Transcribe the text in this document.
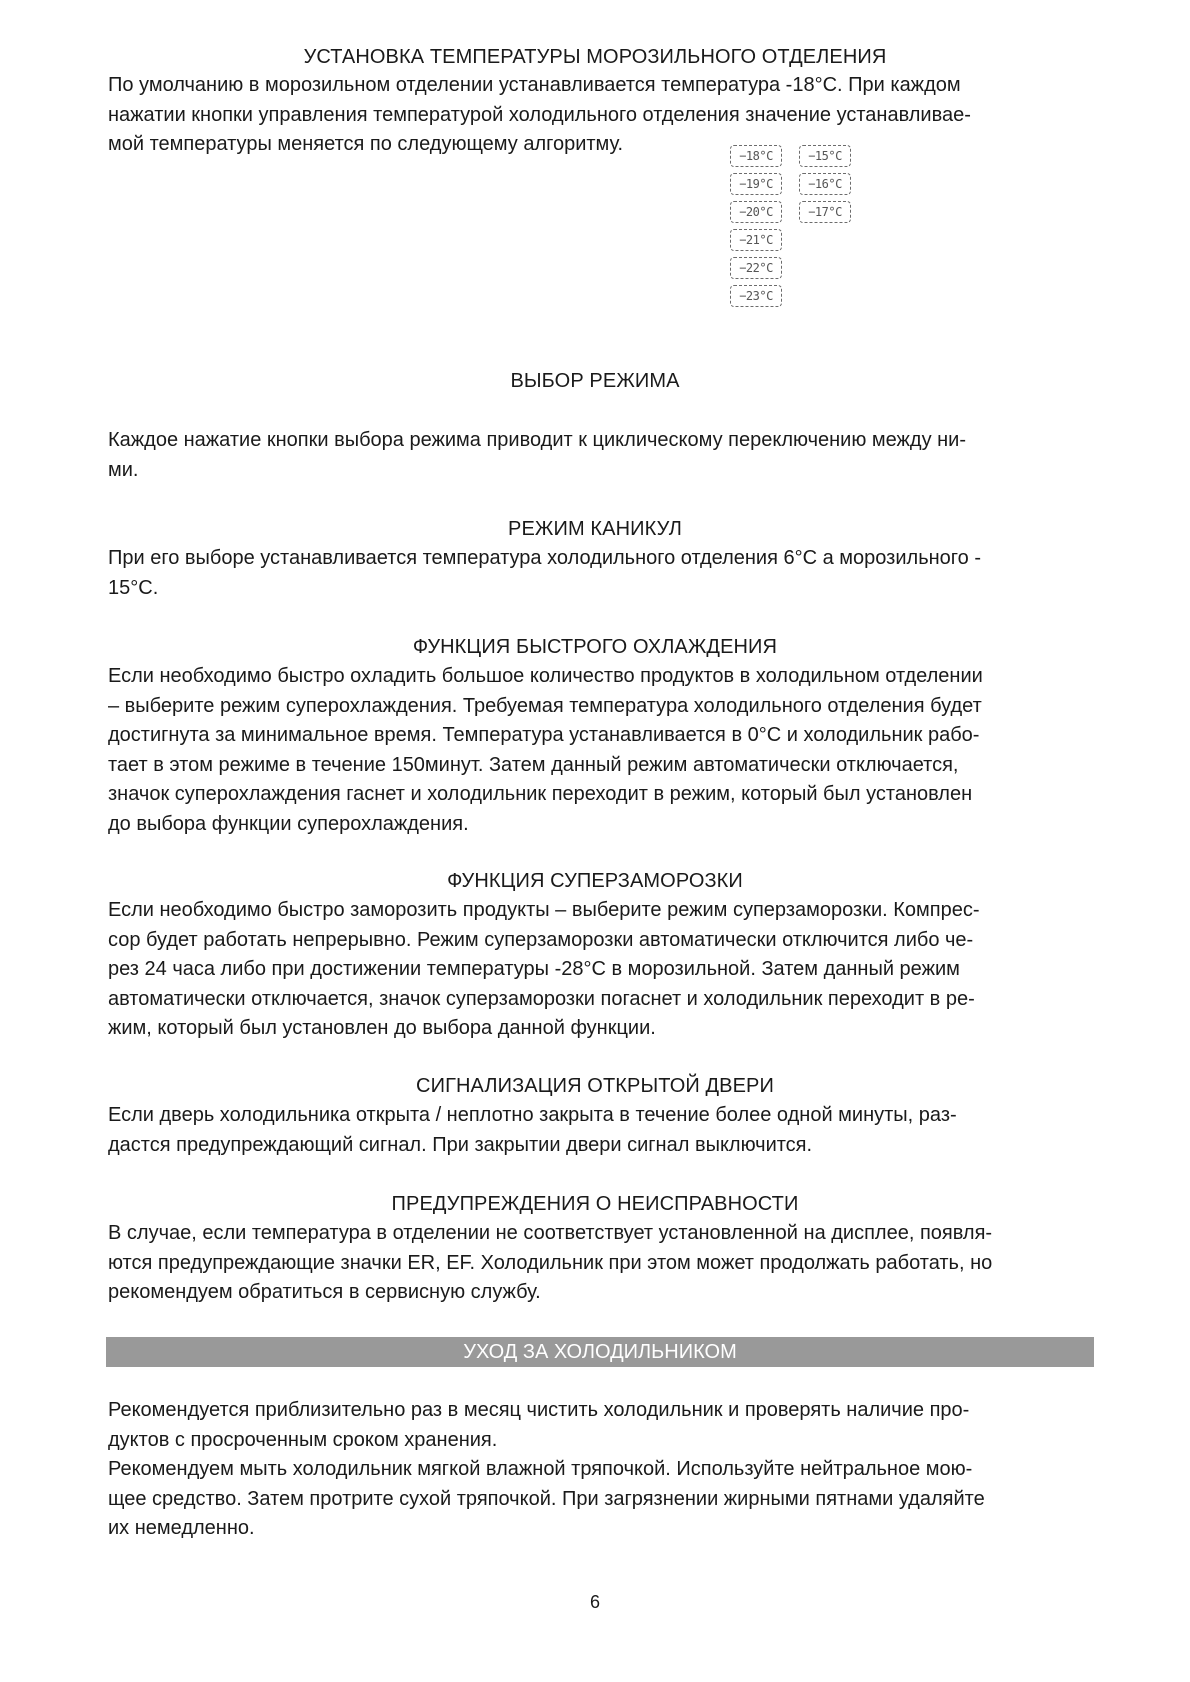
УСТАНОВКА ТЕМПЕРАТУРЫ МОРОЗИЛЬНОГО ОТДЕЛЕНИЯ
По умолчанию в морозильном отделении устанавливается температура -18°C. При каждом
нажатии кнопки управления температурой холодильного отделения значение устанавливае-
мой температуры меняется по следующему алгоритму.
−18°C
−19°C
−20°C
−21°C
−22°C
−23°C
−15°C
−16°C
−17°C
ВЫБОР РЕЖИМА
Каждое нажатие кнопки выбора режима приводит к циклическому переключению между ни-
ми.
РЕЖИМ КАНИКУЛ
При его выборе устанавливается температура холодильного отделения 6°C а морозильного -
15°C.
ФУНКЦИЯ БЫСТРОГО ОХЛАЖДЕНИЯ
Если необходимо быстро охладить большое количество продуктов в холодильном отделении
– выберите режим суперохлаждения. Требуемая температура холодильного отделения будет
достигнута за минимальное время. Температура устанавливается в 0°C и холодильник рабо-
тает в этом режиме в течение 150минут. Затем данный режим автоматически отключается,
значок суперохлаждения гаснет и холодильник переходит в режим, который был установлен
до выбора функции суперохлаждения.
ФУНКЦИЯ СУПЕРЗАМОРОЗКИ
Если необходимо быстро заморозить продукты – выберите режим суперзаморозки. Компрес-
сор будет работать непрерывно. Режим суперзаморозки автоматически отключится либо че-
рез 24 часа либо при достижении температуры -28°C в морозильной. Затем данный режим
автоматически отключается, значок суперзаморозки погаснет и холодильник переходит в ре-
жим, который был установлен до выбора данной функции.
СИГНАЛИЗАЦИЯ ОТКРЫТОЙ ДВЕРИ
Если дверь холодильника открыта / неплотно закрыта в течение более одной минуты, раз-
дастся предупреждающий сигнал. При закрытии двери сигнал выключится.
ПРЕДУПРЕЖДЕНИЯ О НЕИСПРАВНОСТИ
В случае, если температура в отделении не соответствует установленной на дисплее, появля-
ются предупреждающие значки ER, EF. Холодильник при этом может продолжать работать, но
рекомендуем обратиться в сервисную службу.
УХОД ЗА ХОЛОДИЛЬНИКОМ
Рекомендуется приблизительно раз в месяц чистить холодильник и проверять наличие про-
дуктов с просроченным сроком хранения.
Рекомендуем мыть холодильник мягкой влажной тряпочкой. Используйте нейтральное мою-
щее средство. Затем протрите сухой тряпочкой. При загрязнении жирными пятнами удаляйте
их немедленно.
6
